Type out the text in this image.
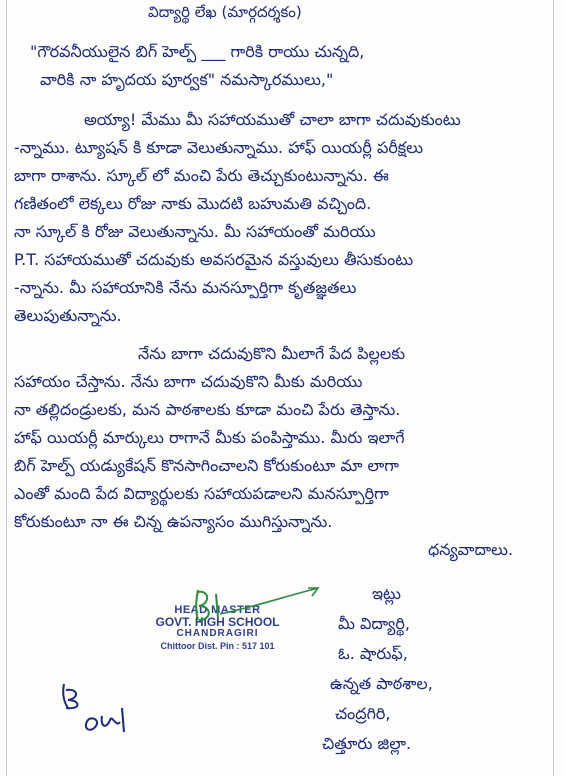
విద్యార్థి లేఖ (మార్గదర్శకం)
"గౌరవనీయులైన బిగ్ హెల్ప్ ___ గారికి రాయు చున్నది,
వారికి నా హృదయ పూర్వక" నమస్కారములు,"
అయ్యా! మేము మీ సహాయముతో చాలా బాగా చదువుకుంటు
-న్నాము. ట్యూషన్ కి కూడా వెలుతున్నాము. హాఫ్ యియర్లీ పరీక్షలు
బాగా రాశాను. స్కూల్ లో మంచి పేరు తెచ్చుకుంటున్నాను. ఈ
గణితంలో లెక్కలు రోజు నాకు మొదటి బహుమతి వచ్చింది.
నా స్కూల్ కి రోజు వెలుతున్నాను. మీ సహాయంతో మరియు
P.T. సహాయముతో చదువుకు అవసరమైన వస్తువులు తీసుకుంటు
-న్నాను. మీ సహాయానికి నేను మనస్పూర్తిగా కృతజ్ఞతలు
తెలుపుతున్నాను.
నేను బాగా చదువుకొని మీలాగే పేద పిల్లలకు
సహాయం చేస్తాను. నేను బాగా చదువుకొని మీకు మరియు
నా తల్లిదండ్రులకు, మన పాఠశాలకు కూడా మంచి పేరు తెస్తాను.
హాఫ్ యియర్లీ మార్కులు రాగానే మీకు పంపిస్తాము. మీరు ఇలాగే
బిగ్ హెల్ప్ యడ్యుకేషన్ కొనసాగించాలని కోరుకుంటూ మా లాగా
ఎంతో మంది పేద విద్యార్థులకు సహాయపడాలని మనస్పూర్తిగా
కోరుకుంటూ నా ఈ చిన్న ఉపన్యాసం ముగిస్తున్నాను.
ధన్యవాదాలు.
ఇట్లు
మీ విద్యార్థి,
ఓ. షారుఫ్,
ఉన్నత పాఠశాల,
చంద్రగిరి,
చిత్తూరు జిల్లా.
HEAD MASTER
GOVT. HIGH SCHOOL
CHANDRAGIRI
Chittoor Dist. Pin : 517 101
